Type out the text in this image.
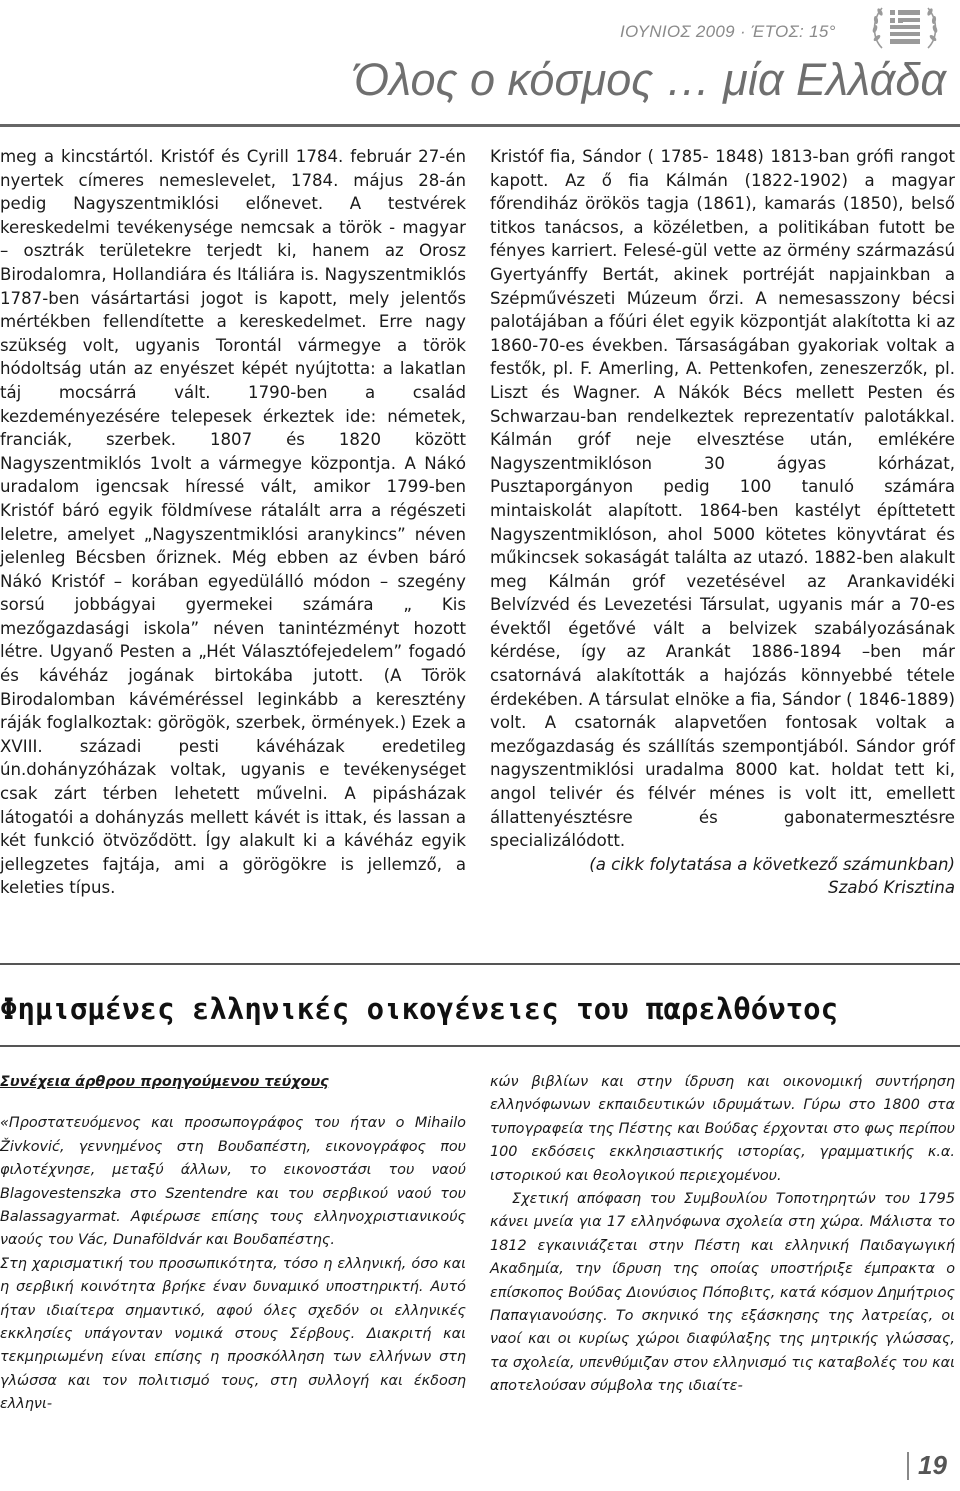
ΙΟΥΝΙΟΣ 2009 · ΈΤΟΣ: 15°
Όλος ο κόσμος … μία Ελλάδα

meg a kincstártól. Kristóf és Cyrill 1784. február 27-én nyertek címeres nemeslevelet, 1784. május 28-án pedig Nagyszentmiklósi előnevet. A testvérek kereskedelmi tevékenysége nemcsak a török - magyar – osztrák területekre terjedt ki, hanem az Orosz Birodalomra, Hollandiára és Itáliára is. Nagyszentmiklós 1787-ben vásártartási jogot is kapott, mely jelentős mértékben fellendítette a kereskedelmet. Erre nagy szükség volt, ugyanis Torontál vármegye a török hódoltság után az enyészet képét nyújtotta: a lakatlan táj mocsárrá vált. 1790-ben a család kezdeményezésére telepesek érkeztek ide: németek, franciák, szerbek. 1807 és 1820 között Nagyszentmiklós 1volt a vármegye központja. A Nákó uradalom igencsak híressé vált, amikor 1799-ben Kristóf báró egyik földmívese rátalált arra a régészeti leletre, amelyet „Nagyszentmiklósi aranykincs” néven jelenleg Bécsben őriznek. Még ebben az évben báró Nákó Kristóf – korában egyedülálló módon – szegény sorsú jobbágyai gyermekei számára „ Kis mezőgazdasági iskola” néven tanintézményt hozott létre. Ugyanő Pesten a „Hét Választófejedelem” fogadó és kávéház jogának birtokába jutott. (A Török Birodalomban kávéméréssel leginkább a keresztény ráják foglalkoztak: görögök, szerbek, örmények.) Ezek a XVIII. századi pesti kávéházak eredetileg ún.dohányzóházak voltak, ugyanis e tevékenységet csak zárt térben lehetett művelni. A pipásházak látogatói a dohányzás mellett kávét is ittak, és lassan a két funkció ötvöződött. Így alakult ki a kávéház egyik jellegzetes fajtája, ami a görögökre is jellemző, a keleties típus.

Kristóf fia, Sándor ( 1785- 1848) 1813-ban grófi rangot kapott. Az ő fia Kálmán (1822-1902) a magyar főrendiház örökös tagja (1861), kamarás (1850), belső titkos tanácsos, a közéletben, a politikában futott be fényes karriert. Felesé-gül vette az örmény származású Gyertyánffy Bertát, akinek portréját napjainkban a Szépművészeti Múzeum őrzi. A nemesasszony bécsi palotájában a főúri élet egyik központját alakította ki az 1860-70-es években. Társaságában gyakoriak voltak a festők, pl. F. Amerling, A. Pettenkofen, zeneszerzők, pl. Liszt és Wagner. A Nákók Bécs mellett Pesten és Schwarzau-ban rendelkeztek reprezentatív palotákkal. Kálmán gróf neje elvesztése után, emlékére Nagyszentmiklóson 30 ágyas kórházat, Pusztaporgányon pedig 100 tanuló számára mintaiskolát alapított. 1864-ben kastélyt építtetett Nagyszentmiklóson, ahol 5000 kötetes könyvtárat és műkincsek sokaságát találta az utazó. 1882-ben alakult meg Kálmán gróf vezetésével az Arankavidéki Belvízvéd és Levezetési Társulat, ugyanis már a 70-es évektől égetővé vált a belvizek szabályozásának kérdése, így az Arankát 1886-1894 –ben már csatornává alakították a hajózás könnyebbé tétele érdekében. A társulat elnöke a fia, Sándor ( 1846-1889) volt. A csatornák alapvetően fontosak voltak a mezőgazdaság és szállítás szempontjából. Sándor gróf nagyszentmiklósi uradalma 8000 kat. holdat tett ki, angol telivér és félvér ménes is volt itt, emellett állattenyésztésre és gabonatermesztésre specializálódott.

(a cikk folytatása a következő számunkban)

Szabó Krisztina

Φημισμένες ελληνικές οικογένειες του παρελθόντος

Συνέχεια άρθρου προηγούμενου τεύχους

«Προστατευόμενος και προσωπογράφος του ήταν ο Mihailo Živković, γεννημένος στη Βουδαπέστη, εικονογράφος που φιλοτέχνησε, μεταξύ άλλων, το εικονοστάσι του ναού Blagovestenszka στο Szentendre και του σερβικού ναού του Balassagyarmat. Αφιέρωσε επίσης τους ελληνοχριστιανικούς ναούς του Vác, Dunaföldvár και Βουδαπέστης.

Στη χαρισματική του προσωπικότητα, τόσο η ελληνική, όσο και η σερβική κοινότητα βρήκε έναν δυναμικό υποστηρικτή. Αυτό ήταν ιδιαίτερα σημαντικό, αφού όλες σχεδόν οι ελληνικές εκκλησίες υπάγονταν νομικά στους Σέρβους. Διακριτή και τεκμηριωμένη είναι επίσης η προσκόλληση των ελλήνων στη γλώσσα και τον πολιτισμό τους, στη συλλογή και έκδοση ελληνι-

κών βιβλίων και στην ίδρυση και οικονομική συντήρηση ελληνόφωνων εκπαιδευτικών ιδρυμάτων. Γύρω στο 1800 στα τυπογραφεία της Πέστης και Βούδας έρχονται στο φως περίπου 100 εκδόσεις εκκλησιαστικής ιστορίας, γραμματικής κ.α. ιστορικού και θεολογικού περιεχομένου.

Σχετική απόφαση του Συμβουλίου Τοποτηρητών του 1795 κάνει μνεία για 17 ελληνόφωνα σχολεία στη χώρα. Μάλιστα το 1812 εγκαινιάζεται στην Πέστη και ελληνική Παιδαγωγική Ακαδημία, την ίδρυση της οποίας υποστήριξε έμπρακτα ο επίσκοπος Βούδας Διονύσιος Πόποβιτς, κατά κόσμον Δημήτριος Παπαγιανούσης. Το σκηνικό της εξάσκησης της λατρείας, οι ναοί και οι κυρίως χώροι διαφύλαξης της μητρικής γλώσσας, τα σχολεία, υπενθύμιζαν στον ελληνισμό τις καταβολές του και αποτελούσαν σύμβολα της ιδιαίτε-

19
